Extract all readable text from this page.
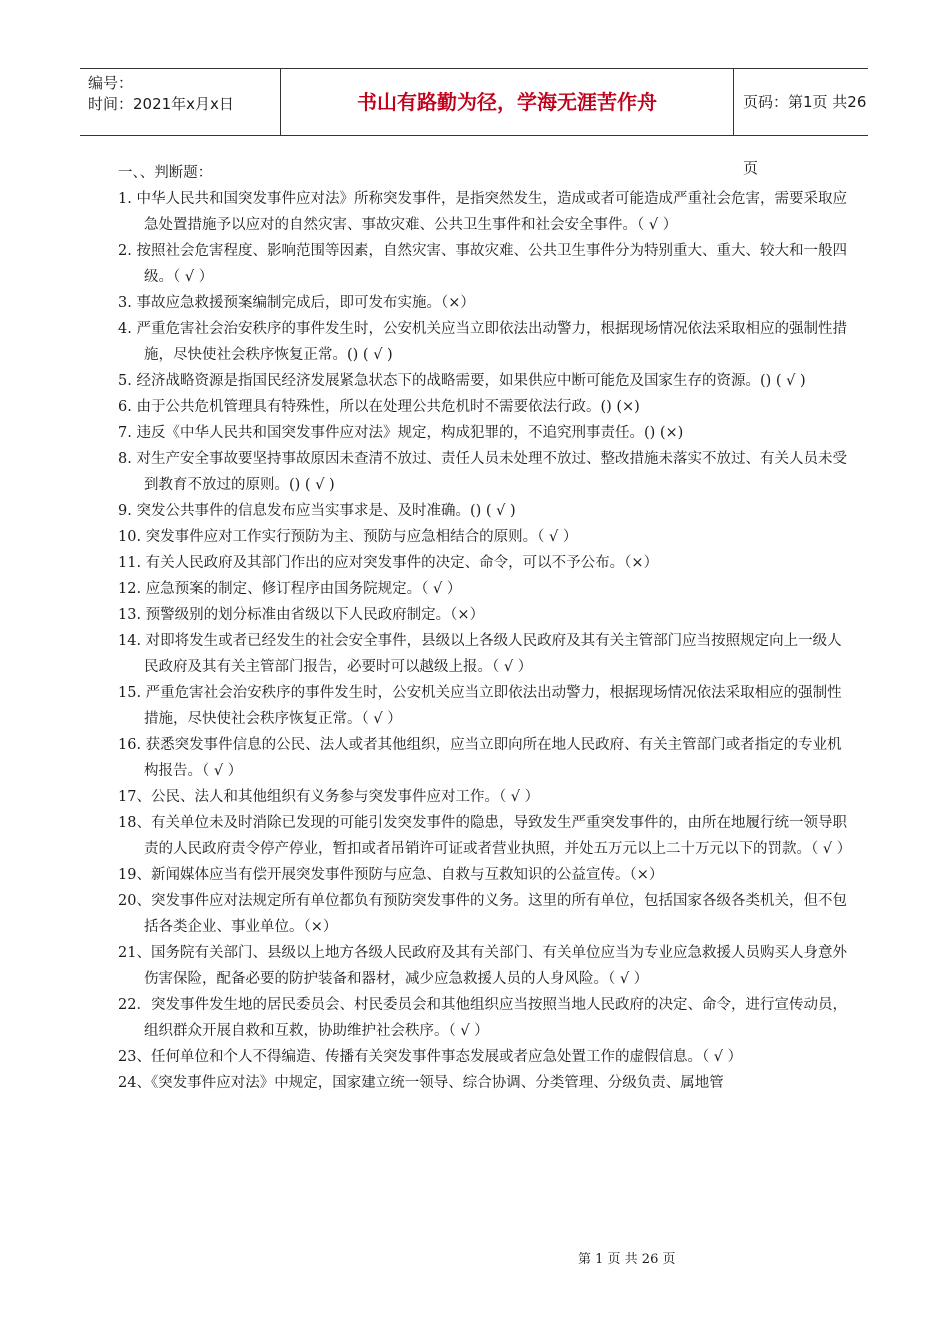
编号：
时间：2021年x月x日	书山有路勤为径，学海无涯苦作舟	页码：第1页 共26页

一、、判断题：

1. 中华人民共和国突发事件应对法》所称突发事件，是指突然发生，造成或者可能造成严重社会危害，需要采取应急处置措施予以应对的自然灾害、事故灾难、公共卫生事件和社会安全事件。（ √ ）

2. 按照社会危害程度、影响范围等因素，自然灾害、事故灾难、公共卫生事件分为特别重大、重大、较大和一般四级。（ √ ）

3. 事故应急救援预案编制完成后，即可发布实施。（×）

4. 严重危害社会治安秩序的事件发生时，公安机关应当立即依法出动警力，根据现场情况依法采取相应的强制性措施，尽快使社会秩序恢复正常。() ( √ )

5. 经济战略资源是指国民经济发展紧急状态下的战略需要，如果供应中断可能危及国家生存的资源。() ( √ )

6. 由于公共危机管理具有特殊性，所以在处理公共危机时不需要依法行政。() (×)

7. 违反《中华人民共和国突发事件应对法》规定，构成犯罪的，不追究刑事责任。() (×)

8. 对生产安全事故要坚持事故原因未查清不放过、责任人员未处理不放过、整改措施未落实不放过、有关人员未受到教育不放过的原则。() ( √ )

9. 突发公共事件的信息发布应当实事求是、及时准确。() ( √ )

10. 突发事件应对工作实行预防为主、预防与应急相结合的原则。（ √ ）

11. 有关人民政府及其部门作出的应对突发事件的决定、命令，可以不予公布。（×）

12. 应急预案的制定、修订程序由国务院规定。（ √ ）

13. 预警级别的划分标准由省级以下人民政府制定。（×）

14. 对即将发生或者已经发生的社会安全事件，县级以上各级人民政府及其有关主管部门应当按照规定向上一级人民政府及其有关主管部门报告，必要时可以越级上报。（ √ ）

15. 严重危害社会治安秩序的事件发生时，公安机关应当立即依法出动警力，根据现场情况依法采取相应的强制性措施，尽快使社会秩序恢复正常。（ √ ）

16. 获悉突发事件信息的公民、法人或者其他组织，应当立即向所在地人民政府、有关主管部门或者指定的专业机构报告。（ √ ）

17、公民、法人和其他组织有义务参与突发事件应对工作。（ √ ）

18、有关单位未及时消除已发现的可能引发突发事件的隐患，导致发生严重突发事件的，由所在地履行统一领导职责的人民政府责令停产停业，暂扣或者吊销许可证或者营业执照，并处五万元以上二十万元以下的罚款。（ √ ）

19、新闻媒体应当有偿开展突发事件预防与应急、自救与互救知识的公益宣传。（×）

20、突发事件应对法规定所有单位都负有预防突发事件的义务。这里的所有单位，包括国家各级各类机关，但不包括各类企业、事业单位。（×）

21、国务院有关部门、县级以上地方各级人民政府及其有关部门、有关单位应当为专业应急救援人员购买人身意外伤害保险，配备必要的防护装备和器材，减少应急救援人员的人身风险。（ √ ）

22．突发事件发生地的居民委员会、村民委员会和其他组织应当按照当地人民政府的决定、命令，进行宣传动员，组织群众开展自救和互救，协助维护社会秩序。（ √ ）

23、任何单位和个人不得编造、传播有关突发事件事态发展或者应急处置工作的虚假信息。（ √ ）

24、《突发事件应对法》中规定，国家建立统一领导、综合协调、分类管理、分级负责、属地管

第 1 页 共 26 页
